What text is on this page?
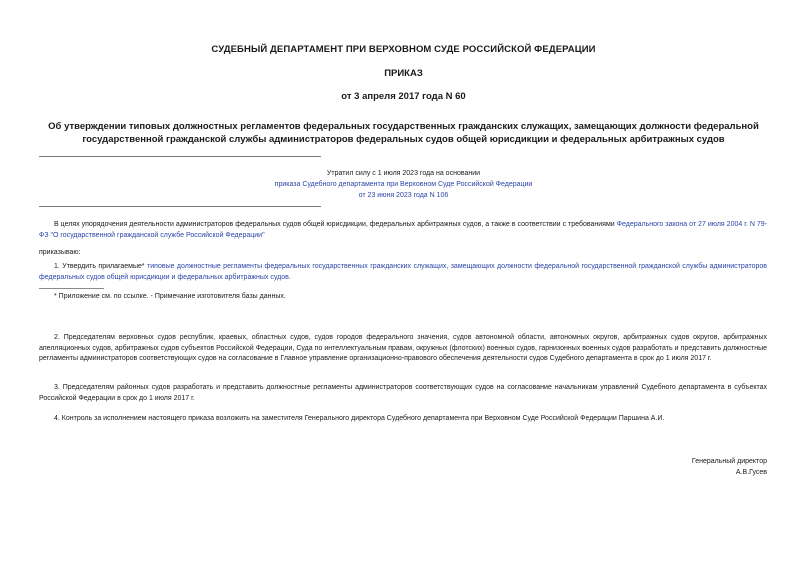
СУДЕБНЫЙ ДЕПАРТАМЕНТ ПРИ ВЕРХОВНОМ СУДЕ РОССИЙСКОЙ ФЕДЕРАЦИИ
ПРИКАЗ
от 3 апреля 2017 года N 60
Об утверждении типовых должностных регламентов федеральных государственных гражданских служащих, замещающих должности федеральной
государственной гражданской службы администраторов федеральных судов общей юрисдикции и федеральных арбитражных судов
Утратил силу с 1 июля 2023 года на основании
приказа Судебного департамента при Верховном Суде Российской Федерации
от 23 июня 2023 года N 106
В целях упорядочения деятельности администраторов федеральных судов общей юрисдикции, федеральных арбитражных судов, а также в соответствии с требованиями Федерального закона от 27 июля 2004 г. N 79-ФЗ "О государственной гражданской службе Российской Федерации"
приказываю:
1. Утвердить прилагаемые* типовые должностные регламенты федеральных государственных гражданских служащих, замещающих должности федеральной государственной гражданской службы администраторов федеральных судов общей юрисдикции и федеральных арбитражных судов.
* Приложение см. по ссылке. - Примечание изготовителя базы данных.
2. Председателям верховных судов республик, краевых, областных судов, судов городов федерального значения, судов автономной области, автономных округов, арбитражных судов округов, арбитражных апелляционных судов, арбитражных судов субъектов Российской Федерации, Суда по интеллектуальным правам, окружных (флотских) военных судов, гарнизонных военных судов разработать и представить должностные регламенты администраторов соответствующих судов на согласование в Главное управление организационно-правового обеспечения деятельности судов Судебного департамента в срок до 1 июля 2017 г.
3. Председателям районных судов разработать и представить должностные регламенты администраторов соответствующих судов на согласование начальникам управлений Судебного департамента в субъектах Российской Федерации в срок до 1 июля 2017 г.
4. Контроль за исполнением настоящего приказа возложить на заместителя Генерального директора Судебного департамента при Верховном Суде Российской Федерации Паршина А.И.
Генеральный директор
А.В.Гусев
